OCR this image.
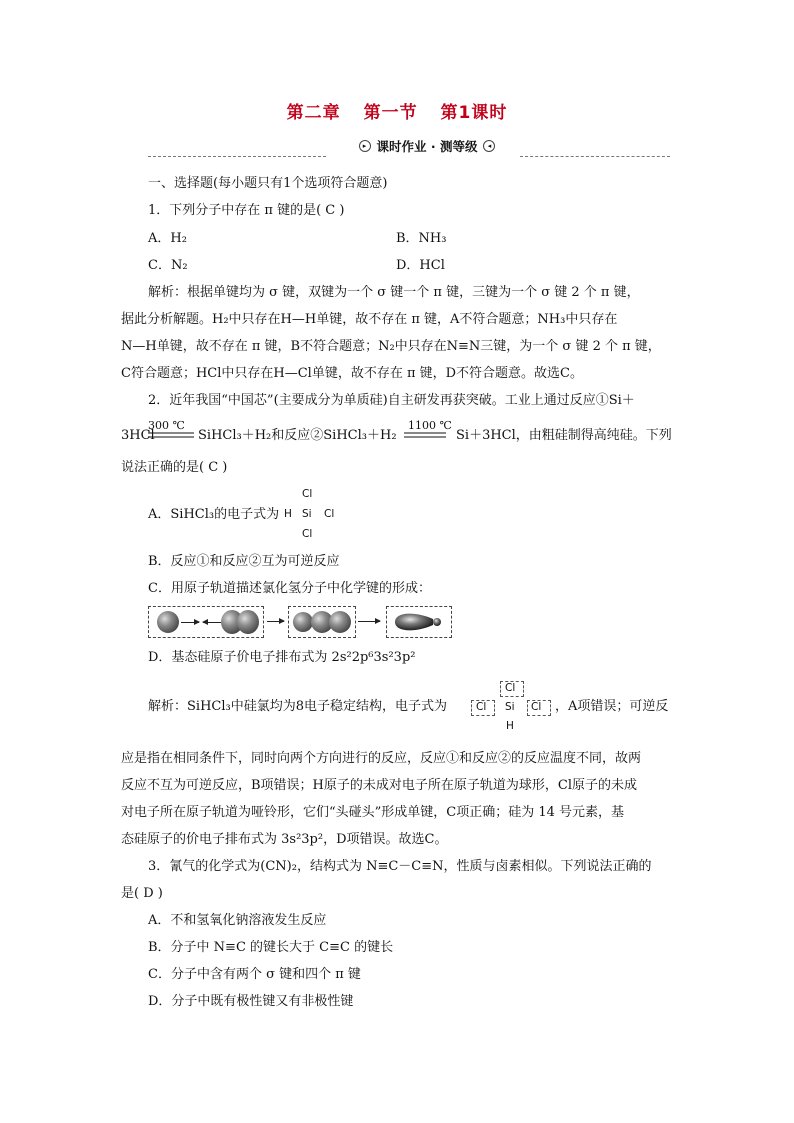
第二章 第一节 第1课时
▸ 课时作业 · 测等级	◂
一、选择题(每小题只有1个选项符合题意)
1．下列分子中存在 π 键的是( C )
A．H₂	B．NH₃
C．N₂	D．HCl
解析：根据单键均为 σ 键，双键为一个 σ 键一个 π 键，三键为一个 σ 键 2 个 π 键，
据此分析解题。H₂中只存在H—H单键，故不存在 π 键，A不符合题意；NH₃中只存在
N—H单键，故不存在 π 键，B不符合题意；N₂中只存在N≡N三键，为一个 σ 键 2 个 π 键，
C符合题意；HCl中只存在H—Cl单键，故不存在 π 键，D不符合题意。故选C。
2．近年我国“中国芯”(主要成分为单质硅)自主研发再获突破。工业上通过反应①Si＋
3HCl
300 ℃
SiHCl₃＋H₂和反应②SiHCl₃＋H₂
1100 ℃
Si＋3HCl，由粗硅制得高纯硅。下列
说法正确的是( C )
A．SiHCl₃的电子式为
Cl
H Si Cl
Cl
B．反应①和反应②互为可逆反应
C．用原子轨道描述氯化氢分子中化学键的形成：
D．基态硅原子价电子排布式为 2s²2p⁶3s²3p²
解析：SiHCl₃中硅氯均为8电子稳定结构，电子式为
Cl
Cl Si Cl
H
，A项错误；可逆反
应是指在相同条件下，同时向两个方向进行的反应，反应①和反应②的反应温度不同，故两
反应不互为可逆反应，B项错误；H原子的未成对电子所在原子轨道为球形，Cl原子的未成
对电子所在原子轨道为哑铃形，它们“头碰头”形成单键，C项正确；硅为 14 号元素，基
态硅原子的价电子排布式为 3s²3p²，D项错误。故选C。
3．氰气的化学式为(CN)₂，结构式为 N≡C－C≡N，性质与卤素相似。下列说法正确的
是( D )
A．不和氢氧化钠溶液发生反应
B．分子中 N≡C 的键长大于 C≡C 的键长
C．分子中含有两个 σ 键和四个 π 键
D．分子中既有极性键又有非极性键
